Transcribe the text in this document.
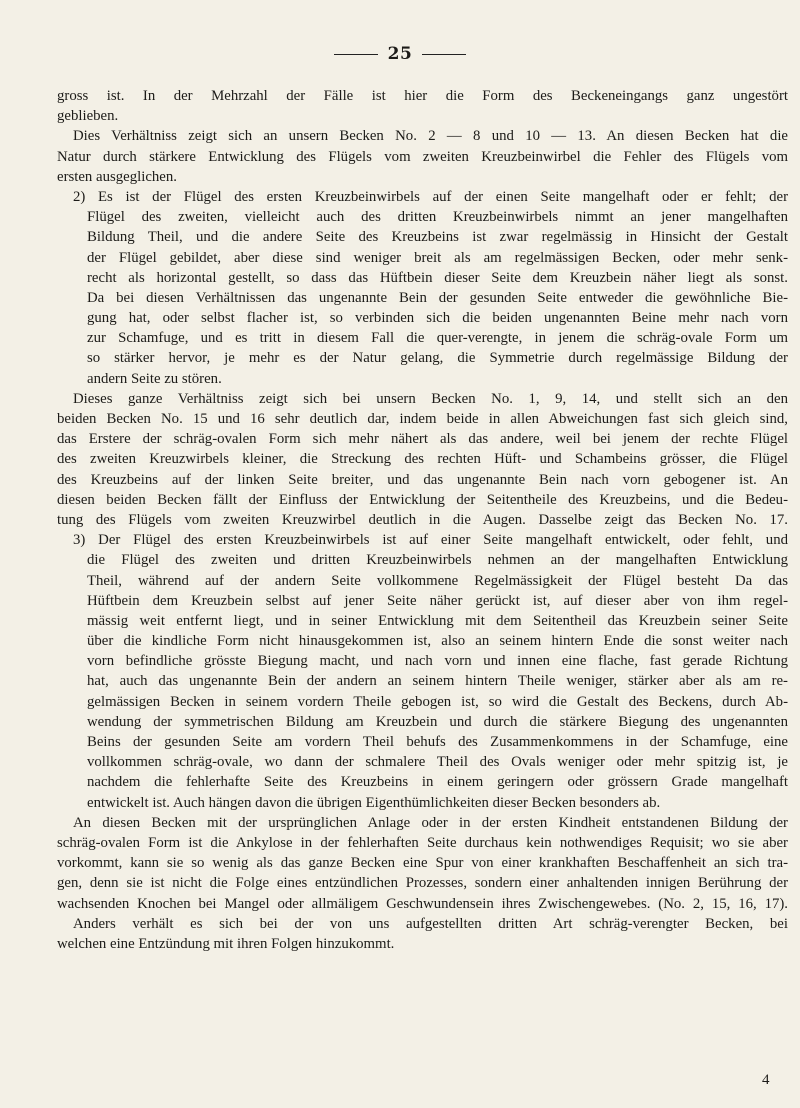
25
gross ist. In der Mehrzahl der Fälle ist hier die Form des Beckeneingangs ganz ungestört
geblieben.
Dies Verhältniss zeigt sich an unsern Becken No. 2 — 8 und 10 — 13. An diesen Becken hat die
Natur durch stärkere Entwicklung des Flügels vom zweiten Kreuzbeinwirbel die Fehler des Flügels vom
ersten ausgeglichen.
2) Es ist der Flügel des ersten Kreuzbeinwirbels auf der einen Seite mangelhaft oder er fehlt; der
Flügel des zweiten, vielleicht auch des dritten Kreuzbeinwirbels nimmt an jener mangelhaften
Bildung Theil, und die andere Seite des Kreuzbeins ist zwar regelmässig in Hinsicht der Gestalt
der Flügel gebildet, aber diese sind weniger breit als am regelmässigen Becken, oder mehr senk-
recht als horizontal gestellt, so dass das Hüftbein dieser Seite dem Kreuzbein näher liegt als sonst.
Da bei diesen Verhältnissen das ungenannte Bein der gesunden Seite entweder die gewöhnliche Bie-
gung hat, oder selbst flacher ist, so verbinden sich die beiden ungenannten Beine mehr nach vorn
zur Schamfuge, und es tritt in diesem Fall die quer-verengte, in jenem die schräg-ovale Form um
so stärker hervor, je mehr es der Natur gelang, die Symmetrie durch regelmässige Bildung der
andern Seite zu stören.
Dieses ganze Verhältniss zeigt sich bei unsern Becken No. 1, 9, 14, und stellt sich an den
beiden Becken No. 15 und 16 sehr deutlich dar, indem beide in allen Abweichungen fast sich gleich sind,
das Erstere der schräg-ovalen Form sich mehr nähert als das andere, weil bei jenem der rechte Flügel
des zweiten Kreuzwirbels kleiner, die Streckung des rechten Hüft- und Schambeins grösser, die Flügel
des Kreuzbeins auf der linken Seite breiter, und das ungenannte Bein nach vorn gebogener ist. An
diesen beiden Becken fällt der Einfluss der Entwicklung der Seitentheile des Kreuzbeins, und die Bedeu-
tung des Flügels vom zweiten Kreuzwirbel deutlich in die Augen. Dasselbe zeigt das Becken No. 17.
3) Der Flügel des ersten Kreuzbeinwirbels ist auf einer Seite mangelhaft entwickelt, oder fehlt, und
die Flügel des zweiten und dritten Kreuzbeinwirbels nehmen an der mangelhaften Entwicklung
Theil, während auf der andern Seite vollkommene Regelmässigkeit der Flügel besteht Da das
Hüftbein dem Kreuzbein selbst auf jener Seite näher gerückt ist, auf dieser aber von ihm regel-
mässig weit entfernt liegt, und in seiner Entwicklung mit dem Seitentheil das Kreuzbein seiner Seite
über die kindliche Form nicht hinausgekommen ist, also an seinem hintern Ende die sonst weiter nach
vorn befindliche grösste Biegung macht, und nach vorn und innen eine flache, fast gerade Richtung
hat, auch das ungenannte Bein der andern an seinem hintern Theile weniger, stärker aber als am re-
gelmässigen Becken in seinem vordern Theile gebogen ist, so wird die Gestalt des Beckens, durch Ab-
wendung der symmetrischen Bildung am Kreuzbein und durch die stärkere Biegung des ungenannten
Beins der gesunden Seite am vordern Theil behufs des Zusammenkommens in der Schamfuge, eine
vollkommen schräg-ovale, wo dann der schmalere Theil des Ovals weniger oder mehr spitzig ist, je
nachdem die fehlerhafte Seite des Kreuzbeins in einem geringern oder grössern Grade mangelhaft
entwickelt ist. Auch hängen davon die übrigen Eigenthümlichkeiten dieser Becken besonders ab.
An diesen Becken mit der ursprünglichen Anlage oder in der ersten Kindheit entstandenen Bildung der
schräg-ovalen Form ist die Ankylose in der fehlerhaften Seite durchaus kein nothwendiges Requisit; wo sie aber
vorkommt, kann sie so wenig als das ganze Becken eine Spur von einer krankhaften Beschaffenheit an sich tra-
gen, denn sie ist nicht die Folge eines entzündlichen Prozesses, sondern einer anhaltenden innigen Berührung der
wachsenden Knochen bei Mangel oder allmäligem Geschwundensein ihres Zwischengewebes. (No. 2, 15, 16, 17).
Anders verhält es sich bei der von uns aufgestellten dritten Art schräg-verengter Becken, bei
welchen eine Entzündung mit ihren Folgen hinzukommt.
4
